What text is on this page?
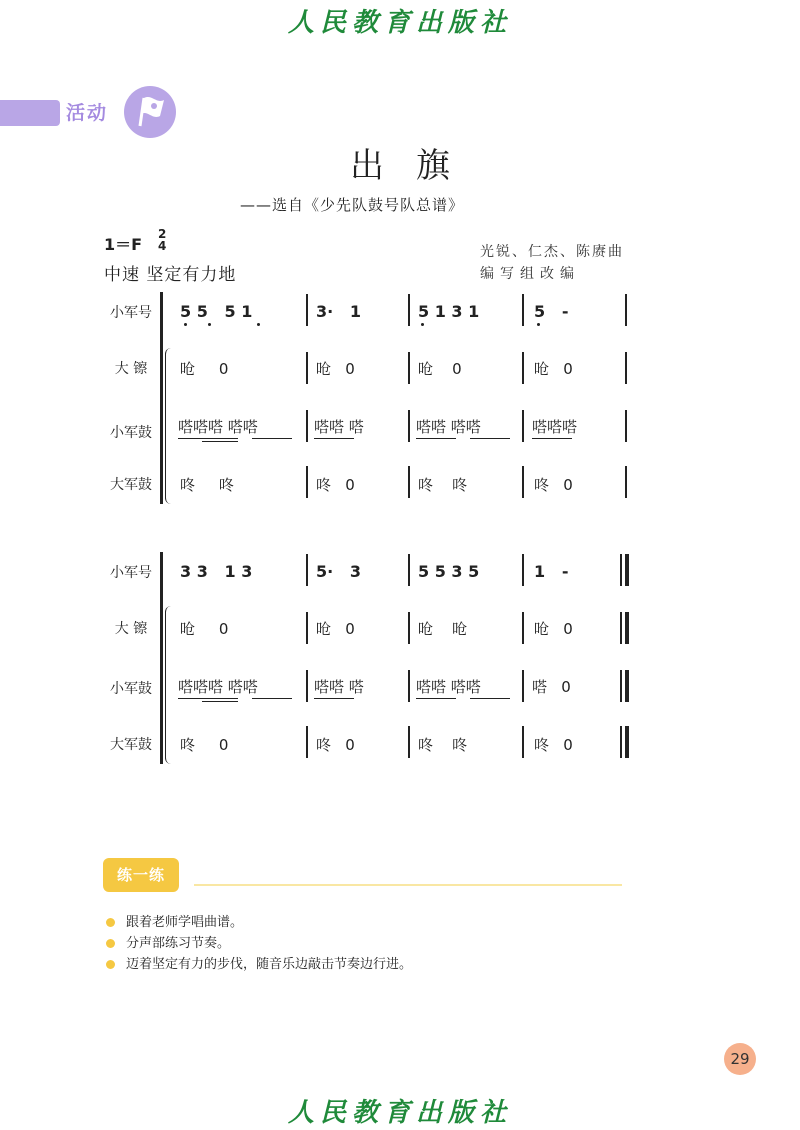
人民教育出版社
活动
出旗
——选自《少先队鼓号队总谱》
1＝F
2
4
中速 坚定有力地
光锐、仁杰、陈赓曲
编写组改编
小军号
大 镲
小军鼓
大军鼓
5 5   5 1	3·   1	5 1 3 1	5   -
呛     0	呛   0	呛    0	呛   0
嗒嗒嗒 嗒嗒	嗒嗒 嗒	嗒嗒 嗒嗒	嗒嗒嗒
咚     咚	咚   0	咚    咚	咚   0
小军号
大 镲
小军鼓
大军鼓
3 3   1 3	5·   3	5 5 3 5	1   -
呛     0	呛   0	呛    呛	呛   0
嗒嗒嗒 嗒嗒	嗒嗒 嗒	嗒嗒 嗒嗒	嗒   0
咚     0	咚   0	咚    咚	咚   0
练一练
跟着老师学唱曲谱。
分声部练习节奏。
迈着坚定有力的步伐，随音乐边敲击节奏边行进。
29
人民教育出版社
